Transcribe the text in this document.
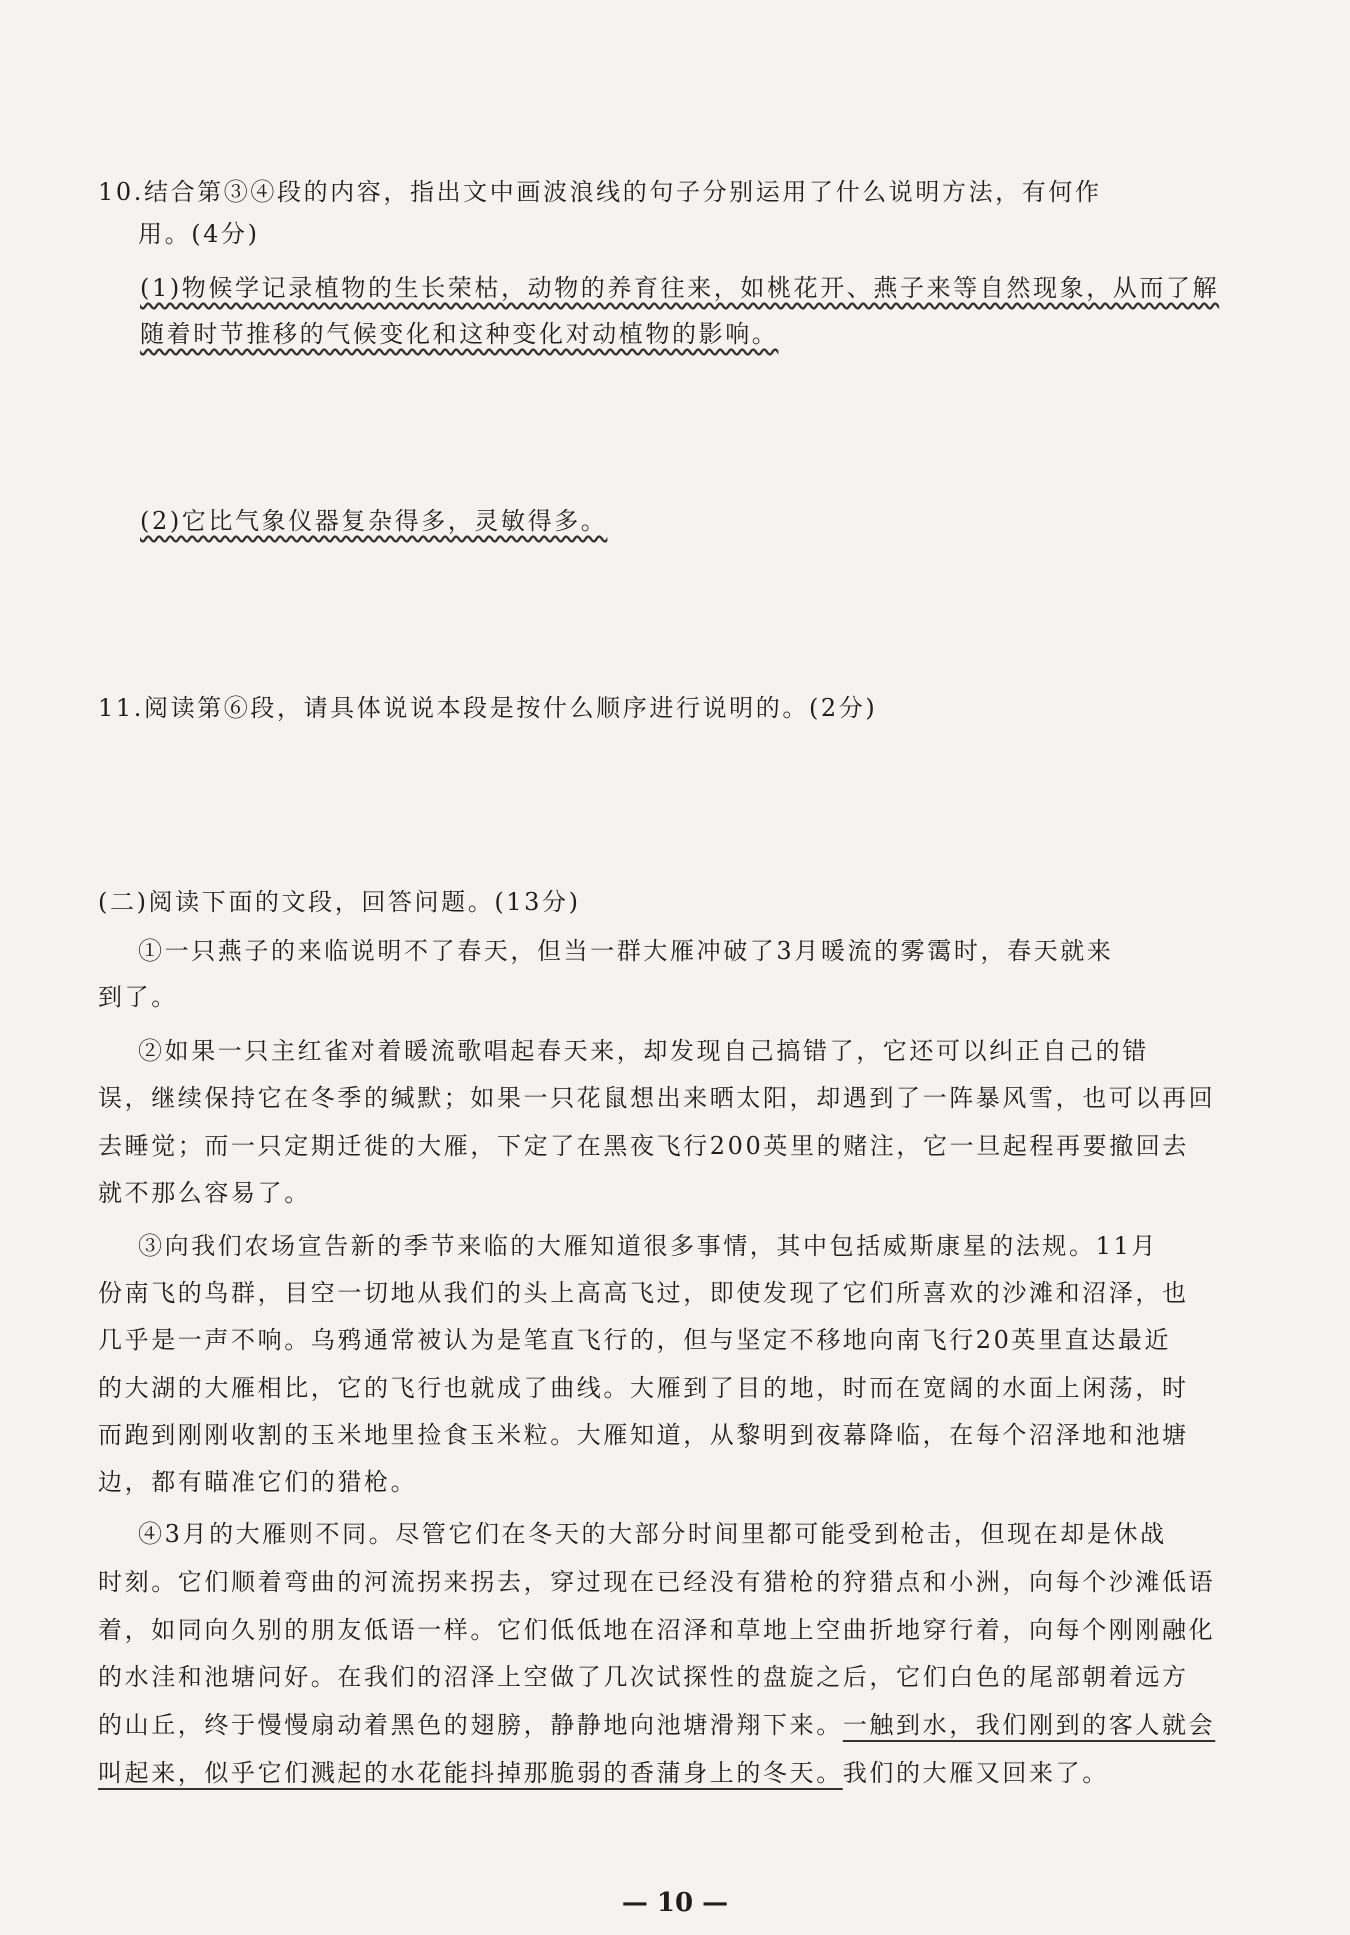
10.结合第③④段的内容，指出文中画波浪线的句子分别运用了什么说明方法，有何作
用。(4分)
(1)物候学记录植物的生长荣枯，动物的养育往来，如桃花开、燕子来等自然现象，从而了解
随着时节推移的气候变化和这种变化对动植物的影响。
(2)它比气象仪器复杂得多，灵敏得多。
11.阅读第⑥段，请具体说说本段是按什么顺序进行说明的。(2分)
(二)阅读下面的文段，回答问题。(13分)
①一只燕子的来临说明不了春天，但当一群大雁冲破了3月暖流的雾霭时，春天就来
到了。
②如果一只主红雀对着暖流歌唱起春天来，却发现自己搞错了，它还可以纠正自己的错
误，继续保持它在冬季的缄默；如果一只花鼠想出来晒太阳，却遇到了一阵暴风雪，也可以再回
去睡觉；而一只定期迁徙的大雁，下定了在黑夜飞行200英里的赌注，它一旦起程再要撤回去
就不那么容易了。
③向我们农场宣告新的季节来临的大雁知道很多事情，其中包括威斯康星的法规。11月
份南飞的鸟群，目空一切地从我们的头上高高飞过，即使发现了它们所喜欢的沙滩和沼泽，也
几乎是一声不响。乌鸦通常被认为是笔直飞行的，但与坚定不移地向南飞行20英里直达最近
的大湖的大雁相比，它的飞行也就成了曲线。大雁到了目的地，时而在宽阔的水面上闲荡，时
而跑到刚刚收割的玉米地里捡食玉米粒。大雁知道，从黎明到夜幕降临，在每个沼泽地和池塘
边，都有瞄准它们的猎枪。
④3月的大雁则不同。尽管它们在冬天的大部分时间里都可能受到枪击，但现在却是休战
时刻。它们顺着弯曲的河流拐来拐去，穿过现在已经没有猎枪的狩猎点和小洲，向每个沙滩低语
着，如同向久别的朋友低语一样。它们低低地在沼泽和草地上空曲折地穿行着，向每个刚刚融化
的水洼和池塘问好。在我们的沼泽上空做了几次试探性的盘旋之后，它们白色的尾部朝着远方
的山丘，终于慢慢扇动着黑色的翅膀，静静地向池塘滑翔下来。一触到水，我们刚到的客人就会
叫起来，似乎它们溅起的水花能抖掉那脆弱的香蒲身上的冬天。我们的大雁又回来了。
— 10 —
